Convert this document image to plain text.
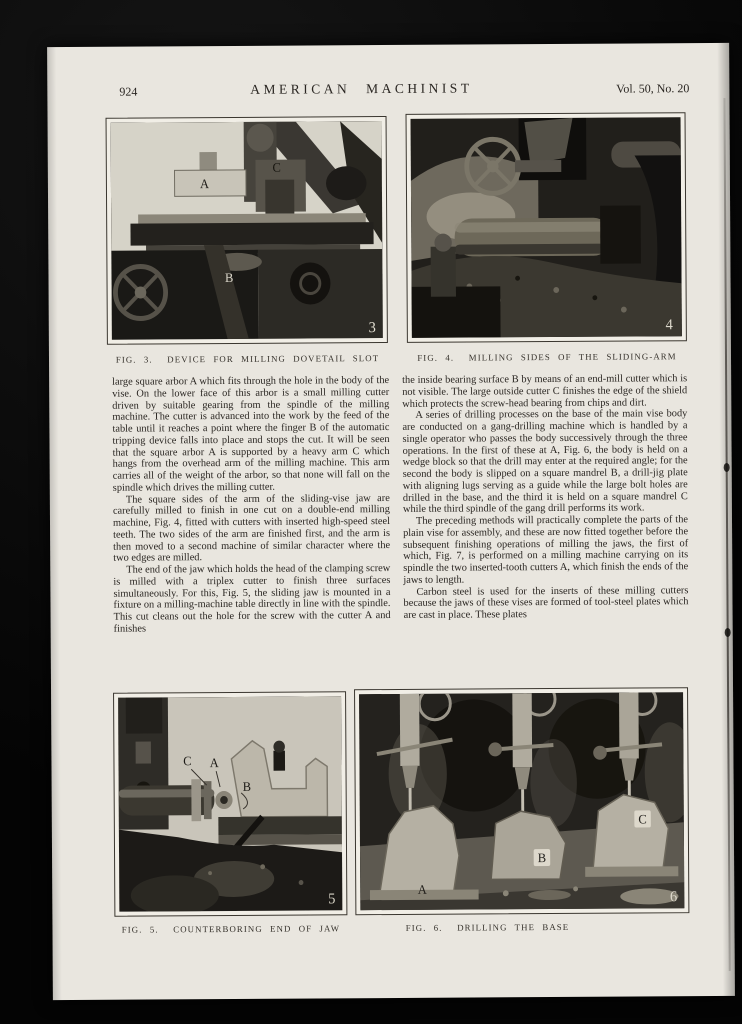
924	AMERICAN MACHINIST	Vol. 50, No. 20
A
B
C
3	4
FIG. 3.  DEVICE FOR MILLING DOVETAIL SLOT	FIG. 4.  MILLING SIDES OF THE SLIDING-ARM

large square arbor A which fits through the hole in the body of the vise. On the lower face of this arbor is a small milling cutter driven by suitable gearing from the spindle of the milling machine. The cutter is advanced into the work by the feed of the table until it reaches a point where the finger B of the automatic tripping device falls into place and stops the cut. It will be seen that the square arbor A is supported by a heavy arm C which hangs from the overhead arm of the milling machine. This arm carries all of the weight of the arbor, so that none will fall on the spindle which drives the milling cutter.

The square sides of the arm of the sliding-vise jaw are carefully milled to finish in one cut on a double-end milling machine, Fig. 4, fitted with cutters with inserted high-speed steel teeth. The two sides of the arm are finished first, and the arm is then moved to a second machine of similar character where the two edges are milled.

The end of the jaw which holds the head of the clamping screw is milled with a triplex cutter to finish three surfaces simultaneously. For this, Fig. 5, the sliding jaw is mounted in a fixture on a milling-machine table directly in line with the spindle. This cut cleans out the hole for the screw with the cutter A and finishes

the inside bearing surface B by means of an end-mill cutter which is not visible. The large outside cutter C finishes the edge of the shield which protects the screw-head bearing from chips and dirt.

A series of drilling processes on the base of the main vise body are conducted on a gang-drilling machine which is handled by a single operator who passes the body successively through the three operations. In the first of these at A, Fig. 6, the body is held on a wedge block so that the drill may enter at the required angle; for the second the body is slipped on a square mandrel B, a drill-jig plate with aligning lugs serving as a guide while the large bolt holes are drilled in the base, and the third it is held on a square mandrel C while the third spindle of the gang drill performs its work.

The preceding methods will practically complete the parts of the plain vise for assembly, and these are now fitted together before the subsequent finishing operations of milling the jaws, the first of which, Fig. 7, is performed on a milling machine carrying on its spindle the two inserted-tooth cutters A, which finish the ends of the jaws to length.

Carbon steel is used for the inserts of these milling cutters because the jaws of these vises are formed of tool-steel plates which are cast in place. These plates

C A
B
5
A
B
C
6
FIG. 5.  COUNTERBORING END OF JAW	FIG. 6.  DRILLING THE BASE
